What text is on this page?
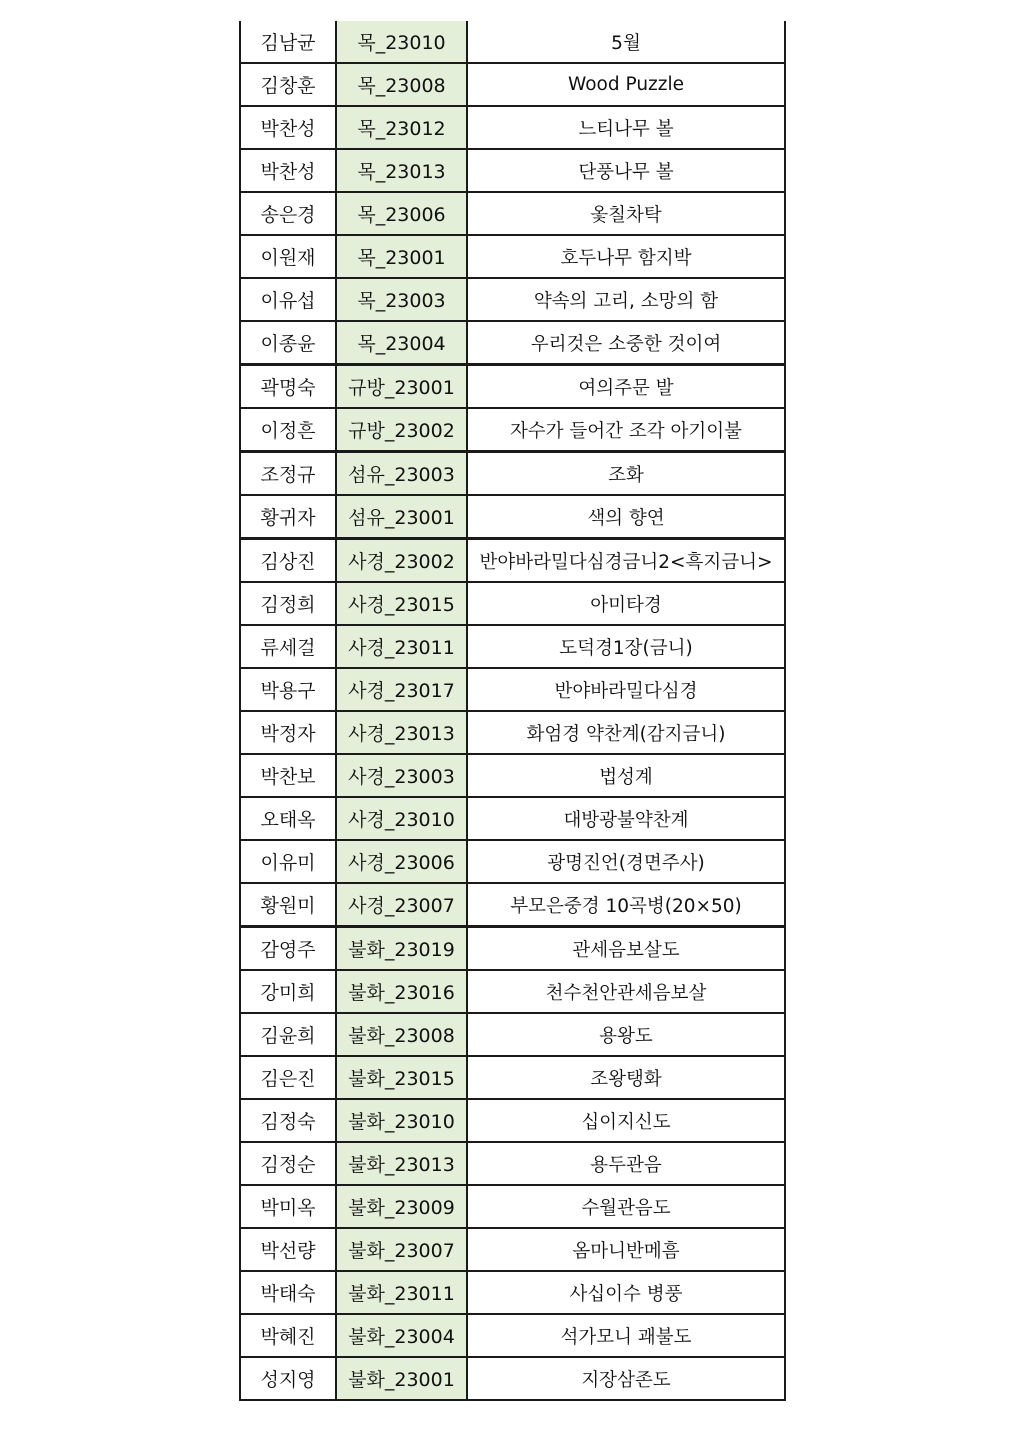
김남균	목_23010	5월
김창훈	목_23008	Wood Puzzle
박찬성	목_23012	느티나무 볼
박찬성	목_23013	단풍나무 볼
송은경	목_23006	옻칠차탁
이원재	목_23001	호두나무 함지박
이유섭	목_23003	약속의 고리, 소망의 함
이종윤	목_23004	우리것은 소중한 것이여
곽명숙	규방_23001	여의주문 발
이정흔	규방_23002	자수가 들어간 조각 아기이불
조정규	섬유_23003	조화
황귀자	섬유_23001	색의 향연
김상진	사경_23002	반야바라밀다심경금니2<흑지금니>
김정희	사경_23015	아미타경
류세걸	사경_23011	도덕경1장(금니)
박용구	사경_23017	반야바라밀다심경
박정자	사경_23013	화엄경 약찬계(감지금니)
박찬보	사경_23003	법성계
오태옥	사경_23010	대방광불약찬계
이유미	사경_23006	광명진언(경면주사)
황원미	사경_23007	부모은중경 10곡병(20×50)
감영주	불화_23019	관세음보살도
강미희	불화_23016	천수천안관세음보살
김윤희	불화_23008	용왕도
김은진	불화_23015	조왕탱화
김정숙	불화_23010	십이지신도
김정순	불화_23013	용두관음
박미옥	불화_23009	수월관음도
박선량	불화_23007	옴마니반메흠
박태숙	불화_23011	사십이수 병풍
박혜진	불화_23004	석가모니 괘불도
성지영	불화_23001	지장삼존도
